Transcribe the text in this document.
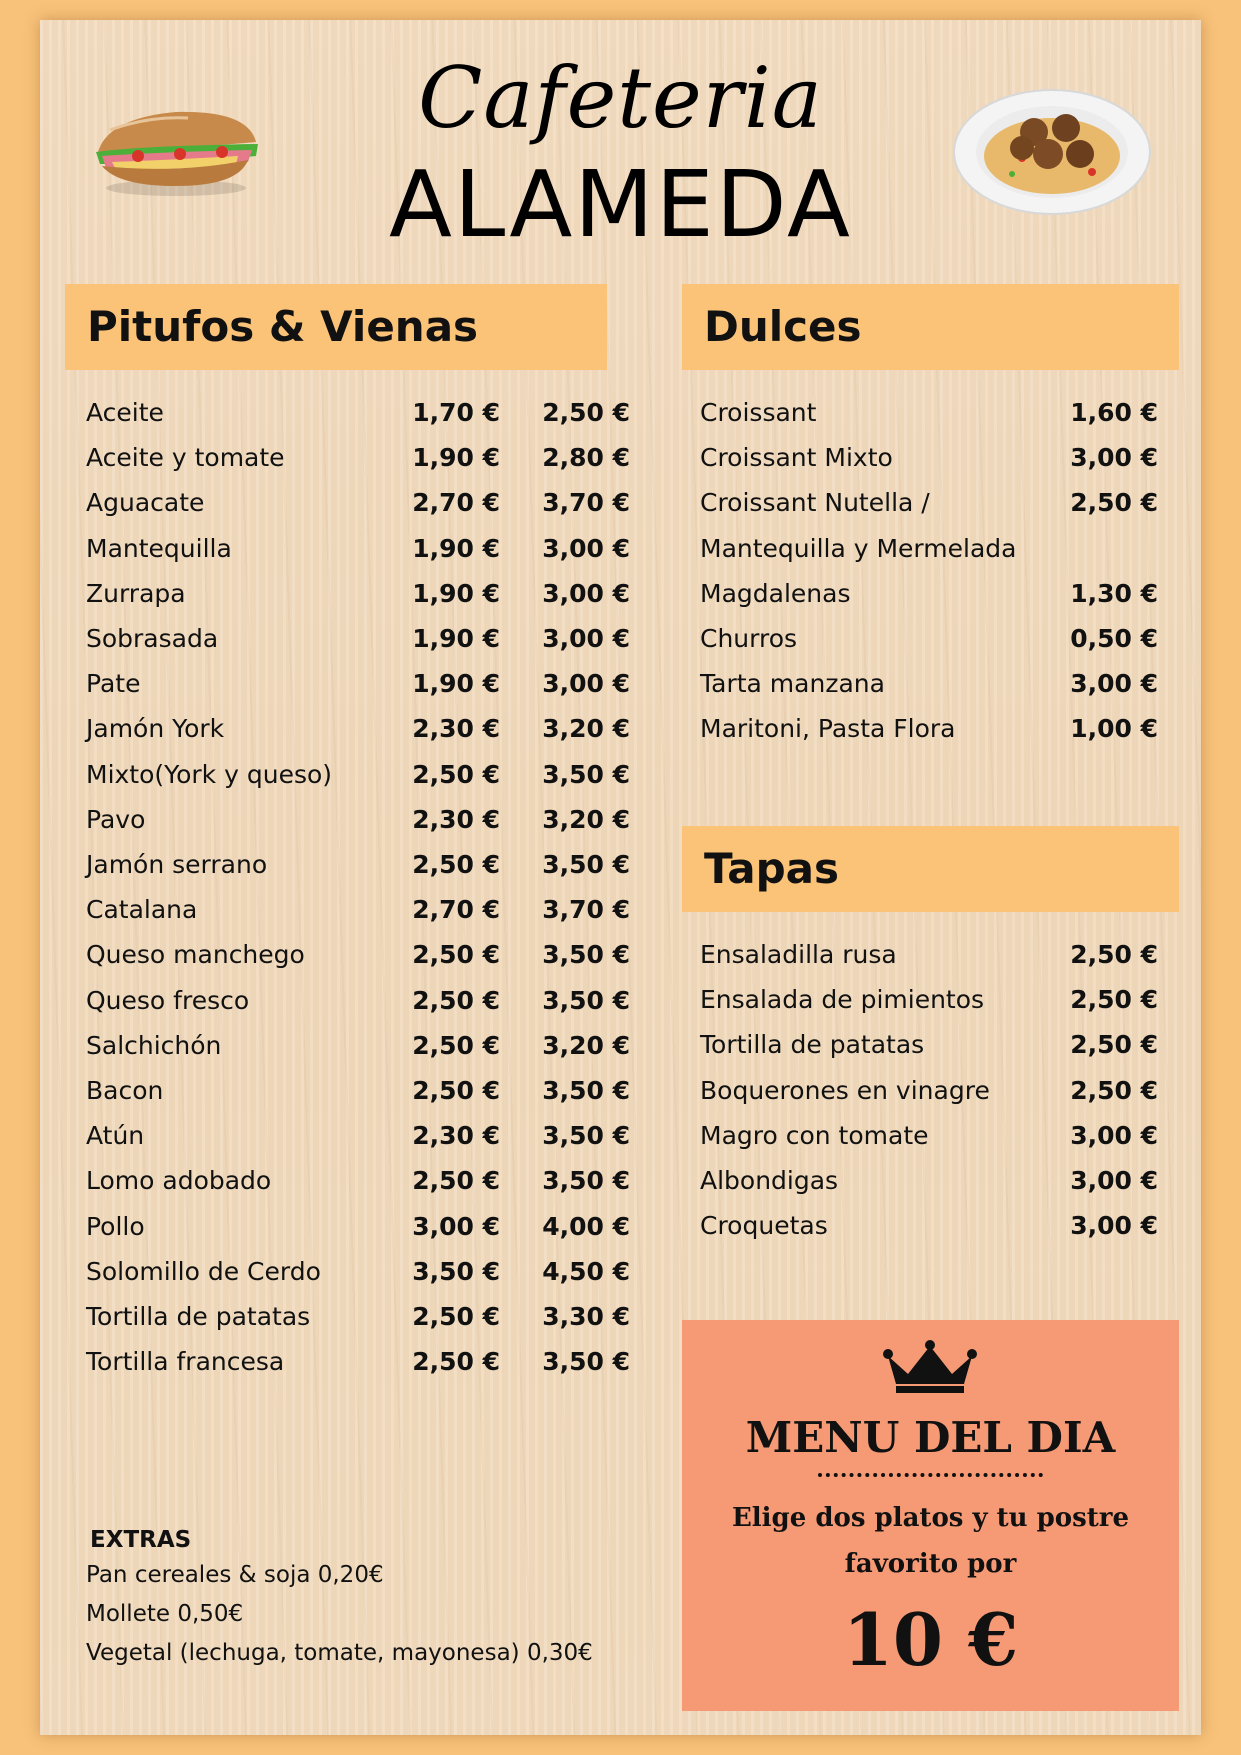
Cafeteria
ALAMEDA
Pitufos & Vienas
Aceite	1,70 € 2,50 €
Aceite y tomate	1,90 € 2,80 €
Aguacate	2,70 € 3,70 €
Mantequilla	1,90 € 3,00 €
Zurrapa	1,90 € 3,00 €
Sobrasada	1,90 € 3,00 €
Pate	1,90 € 3,00 €
Jamón York	2,30 € 3,20 €
Mixto(York y queso)	2,50 € 3,50 €
Pavo	2,30 € 3,20 €
Jamón serrano	2,50 € 3,50 €
Catalana	2,70 € 3,70 €
Queso manchego	2,50 € 3,50 €
Queso fresco	2,50 € 3,50 €
Salchichón	2,50 € 3,20 €
Bacon	2,50 € 3,50 €
Atún	2,30 € 3,50 €
Lomo adobado	2,50 € 3,50 €
Pollo	3,00 € 4,00 €
Solomillo de Cerdo	3,50 € 4,50 €
Tortilla de patatas	2,50 € 3,30 €
Tortilla francesa	2,50 € 3,50 €
EXTRAS
Pan cereales & soja 0,20€
Mollete 0,50€
Vegetal (lechuga, tomate, mayonesa) 0,30€
Dulces
Croissant	1,60 €
Croissant Mixto	3,00 €
Croissant Nutella /	2,50 €
Mantequilla y Mermelada
Magdalenas	1,30 €
Churros	0,50 €
Tarta manzana	3,00 €
Maritoni, Pasta Flora	1,00 €
Tapas
Ensaladilla rusa	2,50 €
Ensalada de pimientos	2,50 €
Tortilla de patatas	2,50 €
Boquerones en vinagre	2,50 €
Magro con tomate	3,00 €
Albondigas	3,00 €
Croquetas	3,00 €
MENU DEL DIA
Elige dos platos y tu postre
favorito por
10 €
